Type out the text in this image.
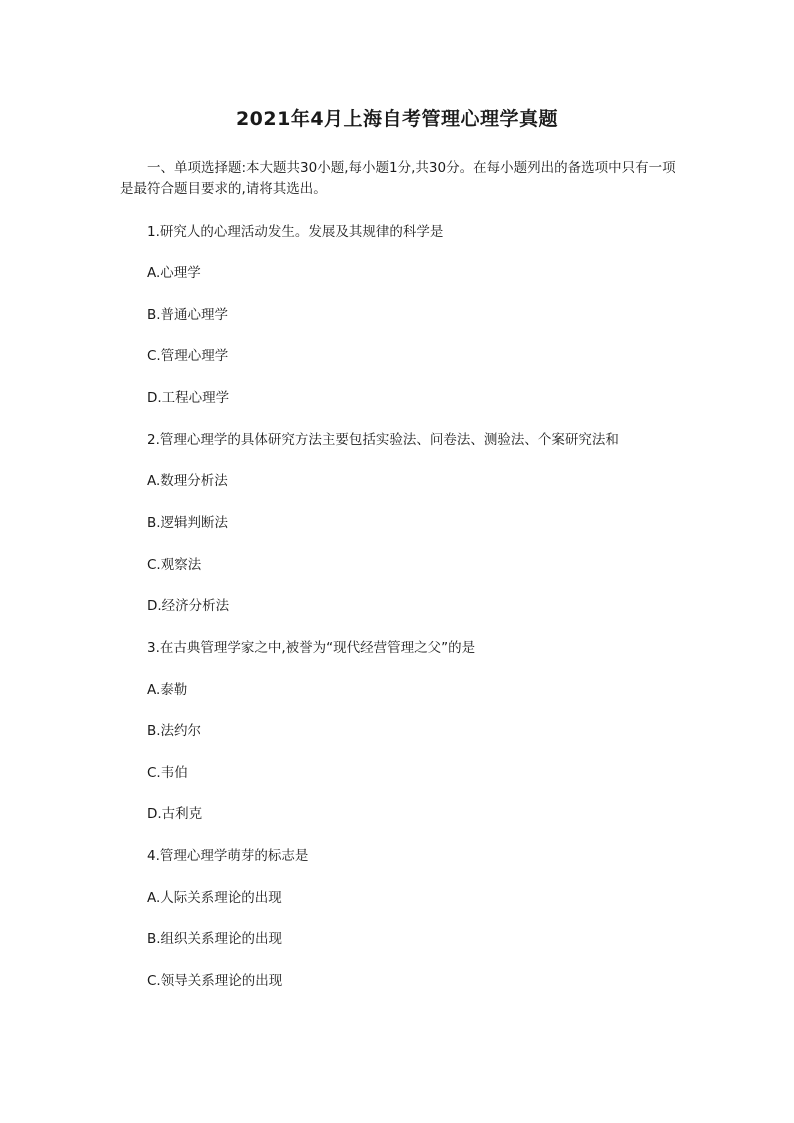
2021年4月上海自考管理心理学真题
一、单项选择题:本大题共30小题,每小题1分,共30分。在每小题列出的备选项中只有一项是最符合题目要求的,请将其选出。
1.研究人的心理活动发生。发展及其规律的科学是
A.心理学
B.普通心理学
C.管理心理学
D.工程心理学
2.管理心理学的具体研究方法主要包括实验法、问卷法、测验法、个案研究法和
A.数理分析法
B.逻辑判断法
C.观察法
D.经济分析法
3.在古典管理学家之中,被誉为“现代经营管理之父”的是
A.泰勒
B.法约尔
C.韦伯
D.古利克
4.管理心理学萌芽的标志是
A.人际关系理论的出现
B.组织关系理论的出现
C.领导关系理论的出现
